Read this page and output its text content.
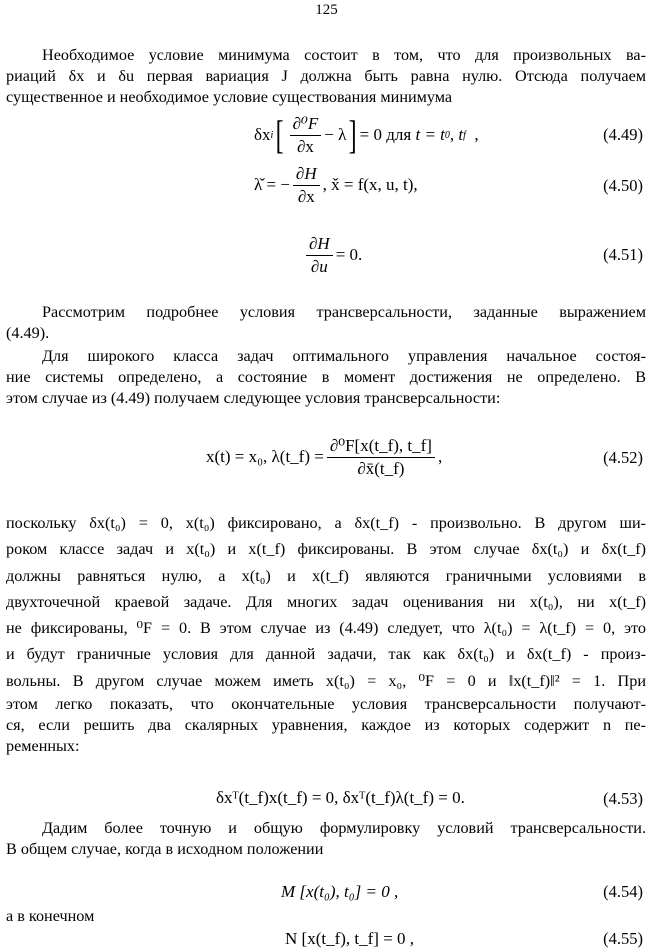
125
Необходимое условие минимума состоит в том, что для произвольных ва-
риаций δx и δu первая вариация J должна быть равна нулю. Отсюда получаем
существенное и необходимое условие существования минимума
δx i [ $\frac{\text{∂⁰F}}{\partial x} - \lambda$ ] = 0
для
t
= t 0 , t f ,	(4.49)
λ̌ = − $\frac{\partial H}{\partial x}$ , x̌ = f(x, u, t),	(4.50)
$\frac{\partial H}{\partial u} = 0$.	(4.51)
Рассмотрим подробнее условия трансверсальности, заданные выражением
(4.49).
Для широкого класса задач оптимального управления начальное состоя-
ние системы определено, а состояние в момент достижения не определено. В
этом случае из (4.49) получаем следующее условия трансверсальности:
x(t) = x₀, λ(t_f) = $\frac{\text{∂⁰F[x(t\_f), t\_f]}}{\partial x̄(t\_f)}$ ,	(4.52)
поскольку δx(t₀) = 0, x(t₀) фиксировано, а δx(t_f) - произвольно. В другом ши-
роком классе задач и x(t₀) и x(t_f) фиксированы. В этом случае δx(t₀) и δx(t_f)
должны равняться нулю, а x(t₀) и x(t_f) являются граничными условиями в
двухточечной краевой задаче. Для многих задач оценивания ни x(t₀), ни x(t_f)
не фиксированы, ⁰F = 0. В этом случае из (4.49) следует, что λ(t₀) = λ(t_f) = 0, это
и будут граничные условия для данной задачи, так как δx(t₀) и δx(t_f) - произ-
вольны. В другом случае можем иметь x(t₀) = x₀, ⁰F = 0 и ‖x(t_f)‖² = 1. При
этом легко показать, что окончательные условия трансверсальности получают-
ся, если решить два скалярных уравнения, каждое из которых содержит n пе-
ременных:
δxᵀ(t_f)x(t_f) = 0, δxᵀ(t_f)λ(t_f) = 0.	(4.53)
Дадим более точную и общую формулировку условий трансверсальности.
В общем случае, когда в исходном положении
M [x(t₀), t₀] = 0 ,	(4.54)
а в конечном
N [x(t_f), t_f] = 0 ,	(4.55)
